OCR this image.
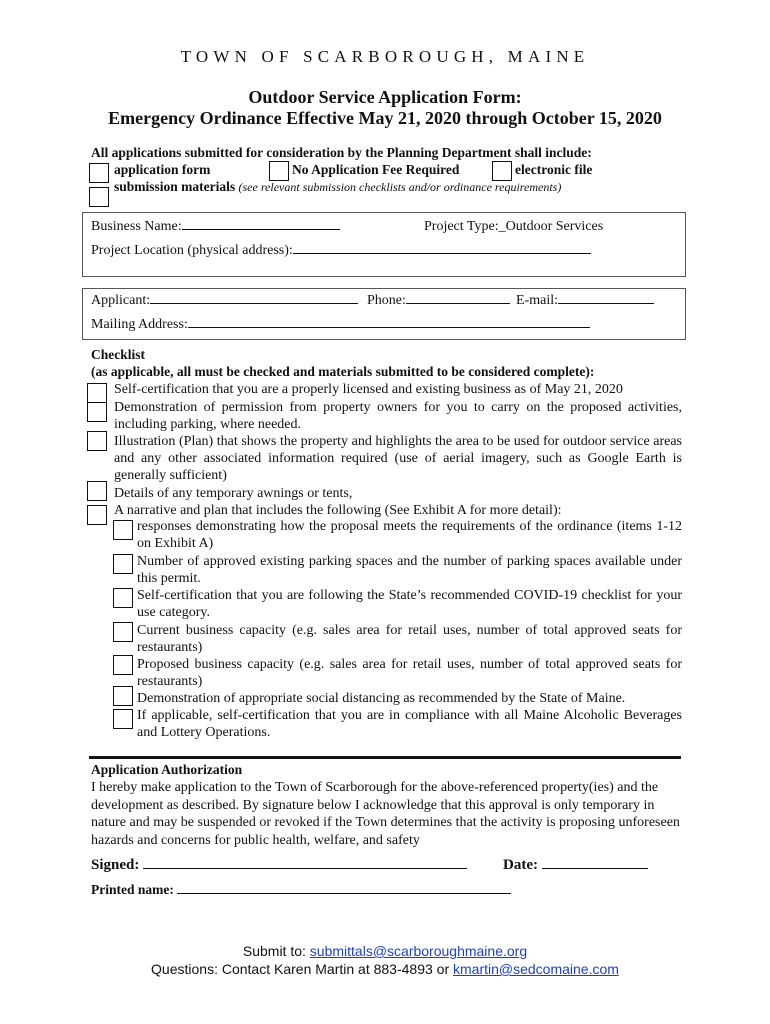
TOWN OF SCARBOROUGH, MAINE
Outdoor Service Application Form:
Emergency Ordinance Effective May 21, 2020 through October 15, 2020
All applications submitted for consideration by the Planning Department shall include:
application form	No Application Fee Required	electronic file
submission materials (see relevant submission checklists and/or ordinance requirements)
Business Name:	Project Type:_Outdoor Services
Project Location (physical address):
Applicant:	Phone:	E-mail:
Mailing Address:
Checklist
(as applicable, all must be checked and materials submitted to be considered complete):
Self-certification that you are a properly licensed and existing business as of May 21, 2020
Demonstration of permission from property owners for you to carry on the proposed activities, including parking, where needed.
Illustration (Plan) that shows the property and highlights the area to be used for outdoor service areas and any other associated information required (use of aerial imagery, such as Google Earth is generally sufficient)
Details of any temporary awnings or tents,
A narrative and plan that includes the following (See Exhibit A for more detail):
responses demonstrating how the proposal meets the requirements of the ordinance (items 1-12 on Exhibit A)
Number of approved existing parking spaces and the number of parking spaces available under this permit.
Self-certification that you are following the State’s recommended COVID-19 checklist for your use category.
Current business capacity (e.g. sales area for retail uses, number of total approved seats for restaurants)
Proposed business capacity (e.g. sales area for retail uses, number of total approved seats for restaurants)
Demonstration of appropriate social distancing as recommended by the State of Maine.
If applicable, self-certification that you are in compliance with all Maine Alcoholic Beverages and Lottery Operations.
Application Authorization
I hereby make application to the Town of Scarborough for the above-referenced property(ies) and the development as described. By signature below I acknowledge that this approval is only temporary in nature and may be suspended or revoked if the Town determines that the activity is proposing unforeseen hazards and concerns for public health, welfare, and safety
Signed:	Date:
Printed name:
Submit to: submittals@scarboroughmaine.org
Questions: Contact Karen Martin at 883-4893 or kmartin@sedcomaine.com
